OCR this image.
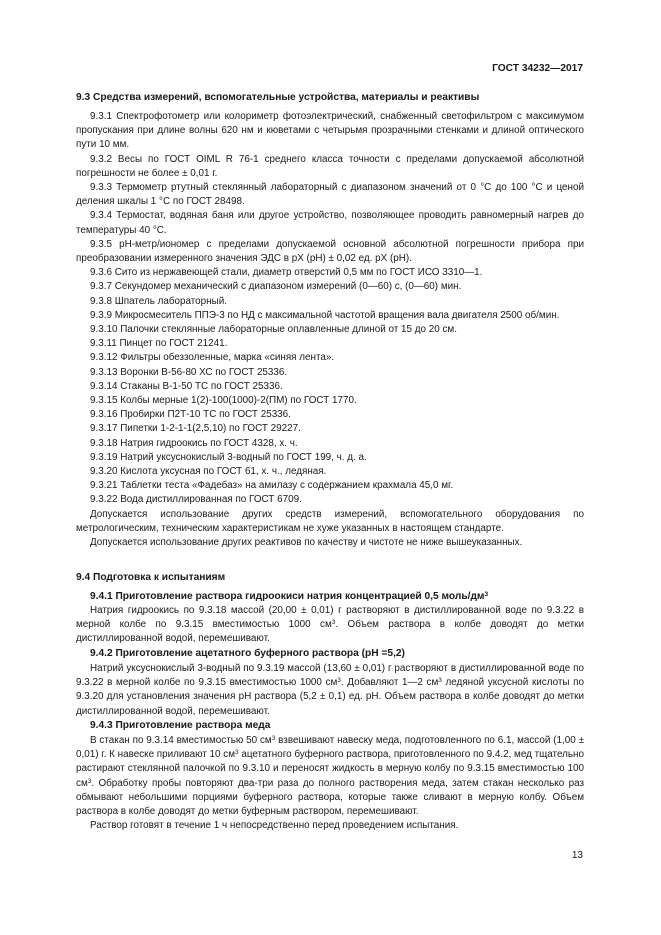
ГОСТ 34232—2017
9.3 Средства измерений, вспомогательные устройства, материалы и реактивы

9.3.1 Спектрофотометр или колориметр фотоэлектрический, снабженный светофильтром с максимумом пропускания при длине волны 620 нм и кюветами с четырьмя прозрачными стенками и длиной оптического пути 10 мм.

9.3.2 Весы по ГОСТ OIML R 76-1 среднего класса точности с пределами допускаемой абсолютной погрешности не более ± 0,01 г.

9.3.3 Термометр ртутный стеклянный лабораторный с диапазоном значений от 0 °С до 100 °С и ценой деления шкалы 1 °С по ГОСТ 28498.

9.3.4 Термостат, водяная баня или другое устройство, позволяющее проводить равномерный нагрев до температуры 40 °С.

9.3.5 pH-метр/иономер с пределами допускаемой основной абсолютной погрешности прибора при преобразовании измеренного значения ЭДС в pX (pH) ± 0,02 ед. pX (pH).

9.3.6 Сито из нержавеющей стали, диаметр отверстий 0,5 мм по ГОСТ ИСО 3310—1.

9.3.7 Секундомер механический с диапазоном измерений (0—60) с, (0—60) мин.

9.3.8 Шпатель лабораторный.

9.3.9 Микросмеситель ППЭ-3 по НД с максимальной частотой вращения вала двигателя 2500 об/мин.

9.3.10 Палочки стеклянные лабораторные оплавленные длиной от 15 до 20 см.

9.3.11 Пинцет по ГОСТ 21241.

9.3.12 Фильтры обеззоленные, марка «синяя лента».

9.3.13 Воронки В-56-80 ХС по ГОСТ 25336.

9.3.14 Стаканы В-1-50 ТС по ГОСТ 25336.

9.3.15 Колбы мерные 1(2)-100(1000)-2(ПМ) по ГОСТ 1770.

9.3.16 Пробирки П2Т-10 ТС по ГОСТ 25336.

9.3.17 Пипетки 1-2-1-1(2,5,10) по ГОСТ 29227.

9.3.18 Натрия гидроокись по ГОСТ 4328, х. ч.

9.3.19 Натрий уксуснокислый 3-водный по ГОСТ 199, ч. д. а.

9.3.20 Кислота уксусная по ГОСТ 61, х. ч., ледяная.

9.3.21 Таблетки теста «Фадебаз» на амилазу с содержанием крахмала 45,0 мг.

9.3.22 Вода дистиллированная по ГОСТ 6709.

Допускается использование других средств измерений, вспомогательного оборудования по метрологическим, техническим характеристикам не хуже указанных в настоящем стандарте.

Допускается использование других реактивов по качеству и чистоте не ниже вышеуказанных.

9.4 Подготовка к испытаниям
9.4.1 Приготовление раствора гидроокиси натрия концентрацией 0,5 моль/$дм^3$

Натрия гидроокись по 9.3.18 массой (20,00 ± 0,01) г растворяют в дистиллированной воде по 9.3.22 в мерной колбе по 9.3.15 вместимостью 1000 $см^3$. Объем раствора в колбе доводят до метки дистиллированной водой, перемешивают.

9.4.2 Приготовление ацетатного буферного раствора (pH =5,2)

Натрий уксуснокислый 3-водный по 9.3.19 массой (13,60 ± 0,01) г растворяют в дистиллированной воде по 9.3.22 в мерной колбе по 9.3.15 вместимостью 1000 $см^3$. Добавляют 1—2 $см^3$ ледяной уксусной кислоты по 9.3.20 для установления значения pH раствора (5,2 ± 0,1) ед. pH. Объем раствора в колбе доводят до метки дистиллированной водой, перемешивают.

9.4.3 Приготовление раствора меда

В стакан по 9.3.14 вместимостью 50 $см^3$ взвешивают навеску меда, подготовленного по 6.1, массой (1,00 ± 0,01) г. К навеске приливают 10 $см^3$ ацетатного буферного раствора, приготовленного по 9.4.2, мед тщательно растирают стеклянной палочкой по 9.3.10 и переносят жидкость в мерную колбу по 9.3.15 вместимостью 100 $см^3$. Обработку пробы повторяют два-три раза до полного растворения меда, затем стакан несколько раз обмывают небольшими порциями буферного раствора, которые также сливают в мерную колбу. Объем раствора в колбе доводят до метки буферным раствором, перемешивают.

Раствор готовят в течение 1 ч непосредственно перед проведением испытания.

13
